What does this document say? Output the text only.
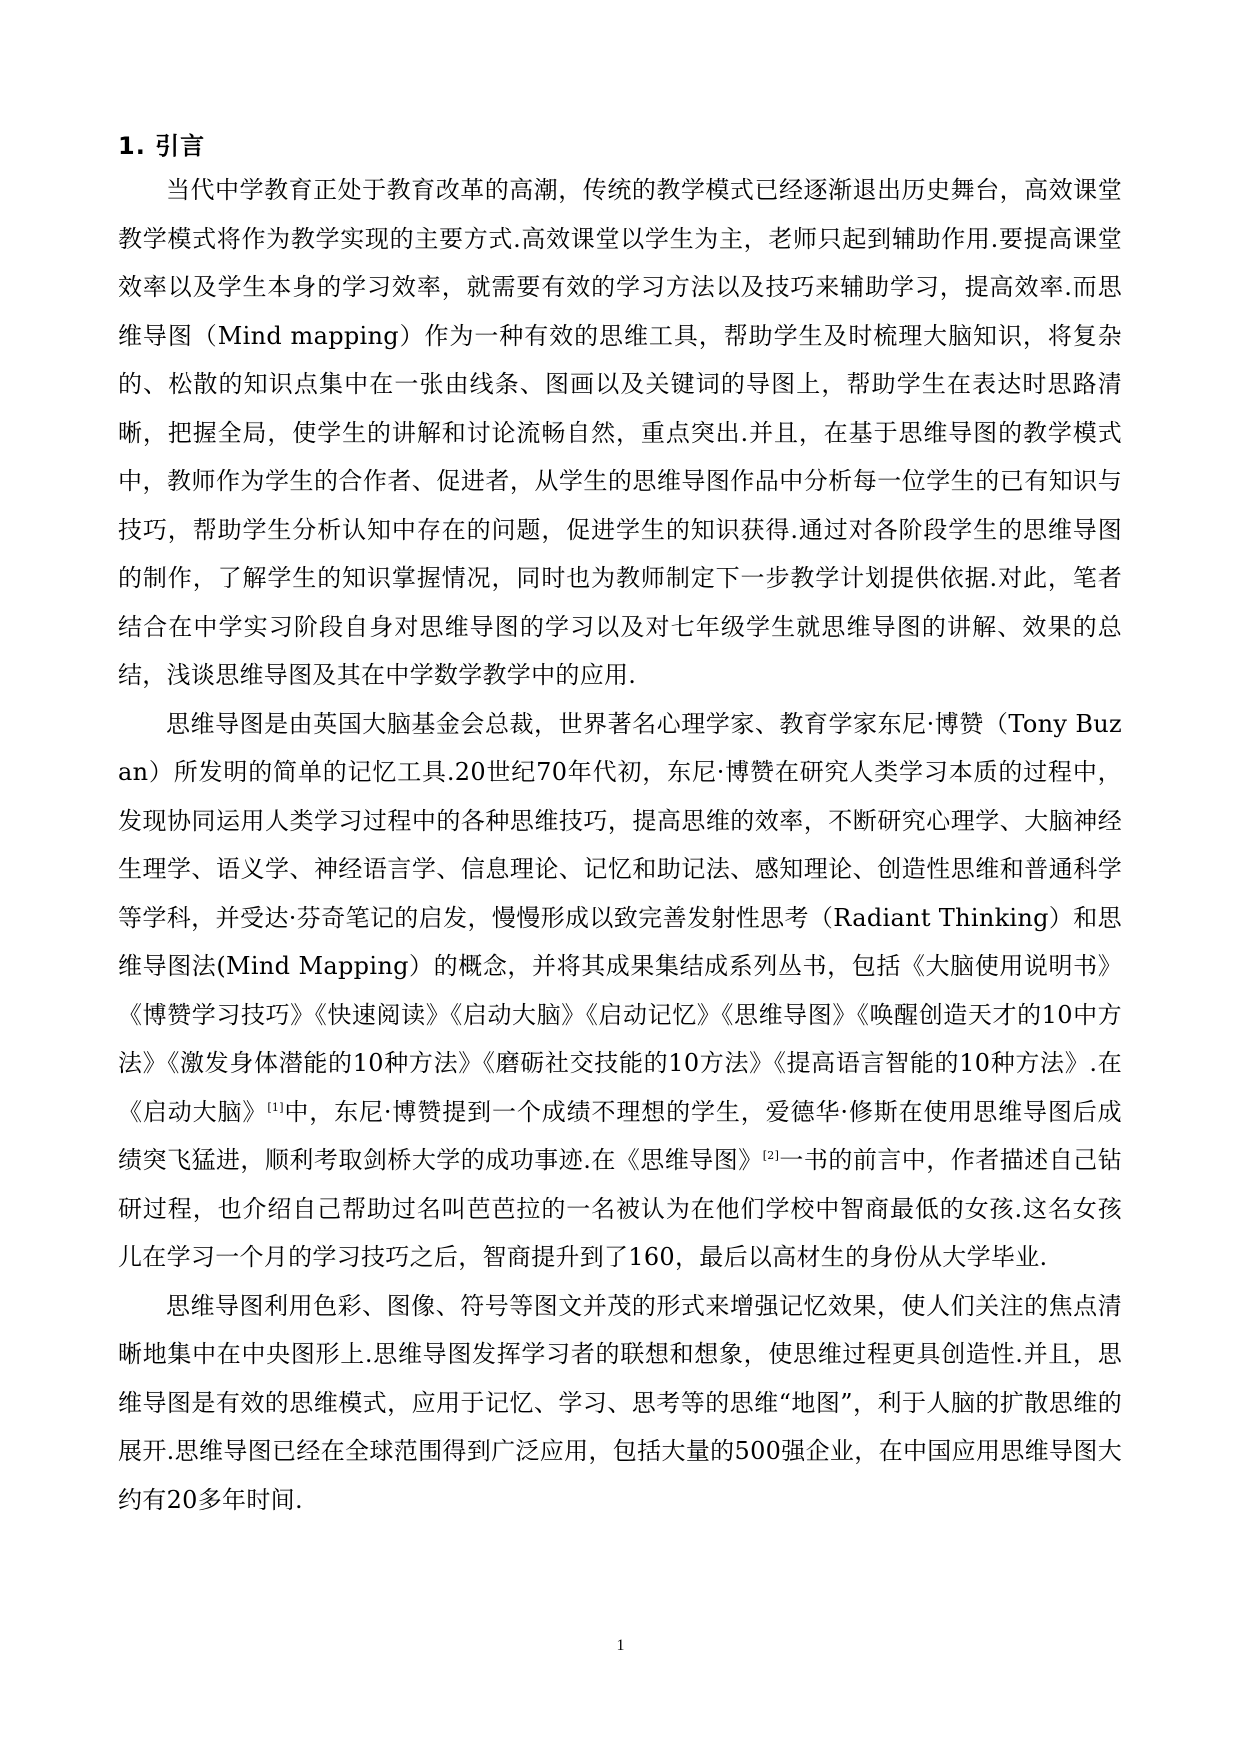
1. 引言

当代中学教育正处于教育改革的高潮，传统的教学模式已经逐渐退出历史舞台，高效课堂教学模式将作为教学实现的主要方式.高效课堂以学生为主，老师只起到辅助作用.要提高课堂效率以及学生本身的学习效率，就需要有效的学习方法以及技巧来辅助学习，提高效率.而思维导图（Mind mapping）作为一种有效的思维工具，帮助学生及时梳理大脑知识，将复杂的、松散的知识点集中在一张由线条、图画以及关键词的导图上，帮助学生在表达时思路清晰，把握全局，使学生的讲解和讨论流畅自然，重点突出.并且，在基于思维导图的教学模式中，教师作为学生的合作者、促进者，从学生的思维导图作品中分析每一位学生的已有知识与技巧，帮助学生分析认知中存在的问题，促进学生的知识获得.通过对各阶段学生的思维导图的制作，了解学生的知识掌握情况，同时也为教师制定下一步教学计划提供依据.对此，笔者结合在中学实习阶段自身对思维导图的学习以及对七年级学生就思维导图的讲解、效果的总结，浅谈思维导图及其在中学数学教学中的应用.

思维导图是由英国大脑基金会总裁，世界著名心理学家、教育学家东尼·博赞（Tony Buzan）所发明的简单的记忆工具.20世纪70年代初，东尼·博赞在研究人类学习本质的过程中，发现协同运用人类学习过程中的各种思维技巧，提高思维的效率，不断研究心理学、大脑神经生理学、语义学、神经语言学、信息理论、记忆和助记法、感知理论、创造性思维和普通科学等学科，并受达·芬奇笔记的启发，慢慢形成以致完善发射性思考（Radiant Thinking）和思维导图法(Mind Mapping）的概念，并将其成果集结成系列丛书，包括《大脑使用说明书》《博赞学习技巧》《快速阅读》《启动大脑》《启动记忆》《思维导图》《唤醒创造天才的10中方法》《激发身体潜能的10种方法》《磨砺社交技能的10方法》《提高语言智能的10种方法》.在《启动大脑》[1]中，东尼·博赞提到一个成绩不理想的学生，爱德华·修斯在使用思维导图后成绩突飞猛进，顺利考取剑桥大学的成功事迹.在《思维导图》[2]一书的前言中，作者描述自己钻研过程，也介绍自己帮助过名叫芭芭拉的一名被认为在他们学校中智商最低的女孩.这名女孩儿在学习一个月的学习技巧之后，智商提升到了160，最后以高材生的身份从大学毕业.

思维导图利用色彩、图像、符号等图文并茂的形式来增强记忆效果，使人们关注的焦点清晰地集中在中央图形上.思维导图发挥学习者的联想和想象，使思维过程更具创造性.并且，思维导图是有效的思维模式，应用于记忆、学习、思考等的思维“地图”，利于人脑的扩散思维的展开.思维导图已经在全球范围得到广泛应用，包括大量的500强企业，在中国应用思维导图大约有20多年时间.

1
